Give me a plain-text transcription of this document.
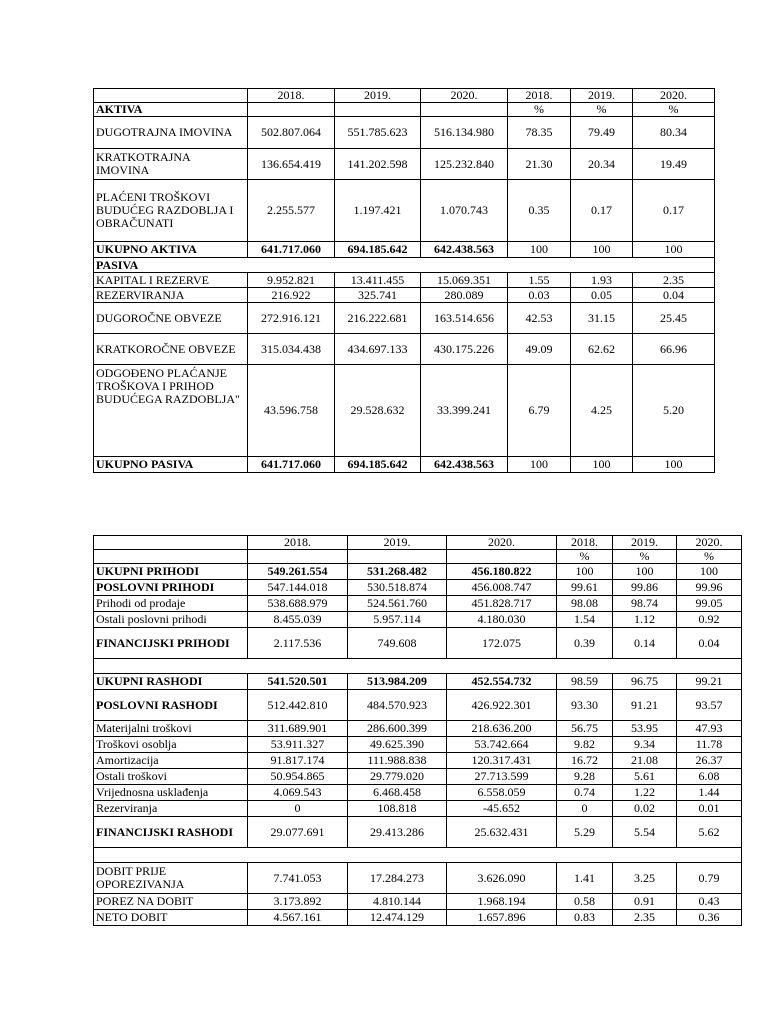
	2018.	2019.	2020.	2018.	2019.	2020.
AKTIVA				%	%	%
DUGOTRAJNA IMOVINA	502.807.064	551.785.623	516.134.980	78.35	79.49	80.34
KRATKOTRAJNA IMOVINA	136.654.419	141.202.598	125.232.840	21.30	20.34	19.49
PLAĆENI TROŠKOVI BUDUĆEG RAZDOBLJA I OBRAČUNATI	2.255.577	1.197.421	1.070.743	0.35	0.17	0.17
UKUPNO AKTIVA	641.717.060	694.185.642	642.438.563	100	100	100
PASIVA						
KAPITAL I REZERVE	9.952.821	13.411.455	15.069.351	1.55	1.93	2.35
REZERVIRANJA	216.922	325.741	280.089	0.03	0.05	0.04
DUGOROČNE OBVEZE	272.916.121	216.222.681	163.514.656	42.53	31.15	25.45
KRATKOROČNE OBVEZE	315.034.438	434.697.133	430.175.226	49.09	62.62	66.96
ODGOĐENO PLAĆANJE TROŠKOVA I PRIHOD BUDUĆEGA RAZDOBLJA"	43.596.758	29.528.632	33.399.241	6.79	4.25	5.20
UKUPNO PASIVA	641.717.060	694.185.642	642.438.563	100	100	100
	2018.	2019.	2020.	2018.	2019.	2020.
				%	%	%
UKUPNI PRIHODI	549.261.554	531.268.482	456.180.822	100	100	100
POSLOVNI PRIHODI	547.144.018	530.518.874	456.008.747	99.61	99.86	99.96
Prihodi od prodaje	538.688.979	524.561.760	451.828.717	98.08	98.74	99.05
Ostali poslovni prihodi	8.455.039	5.957.114	4.180.030	1.54	1.12	0.92
FINANCIJSKI PRIHODI	2.117.536	749.608	172.075	0.39	0.14	0.04

UKUPNI RASHODI	541.520.501	513.984.209	452.554.732	98.59	96.75	99.21
POSLOVNI RASHODI	512.442.810	484.570.923	426.922.301	93.30	91.21	93.57
Materijalni troškovi	311.689.901	286.600.399	218.636.200	56.75	53.95	47.93
Troškovi osoblja	53.911.327	49.625.390	53.742.664	9.82	9.34	11.78
Amortizacija	91.817.174	111.988.838	120.317.431	16.72	21.08	26.37
Ostali troškovi	50.954.865	29.779.020	27.713.599	9.28	5.61	6.08
Vrijednosna usklađenja	4.069.543	6.468.458	6.558.059	0.74	1.22	1.44
Rezerviranja	0	108.818	-45.652	0	0.02	0.01
FINANCIJSKI RASHODI	29.077.691	29.413.286	25.632.431	5.29	5.54	5.62

DOBIT PRIJE OPOREZIVANJA	7.741.053	17.284.273	3.626.090	1.41	3.25	0.79
POREZ NA DOBIT	3.173.892	4.810.144	1.968.194	0.58	0.91	0.43
NETO DOBIT	4.567.161	12.474.129	1.657.896	0.83	2.35	0.36
